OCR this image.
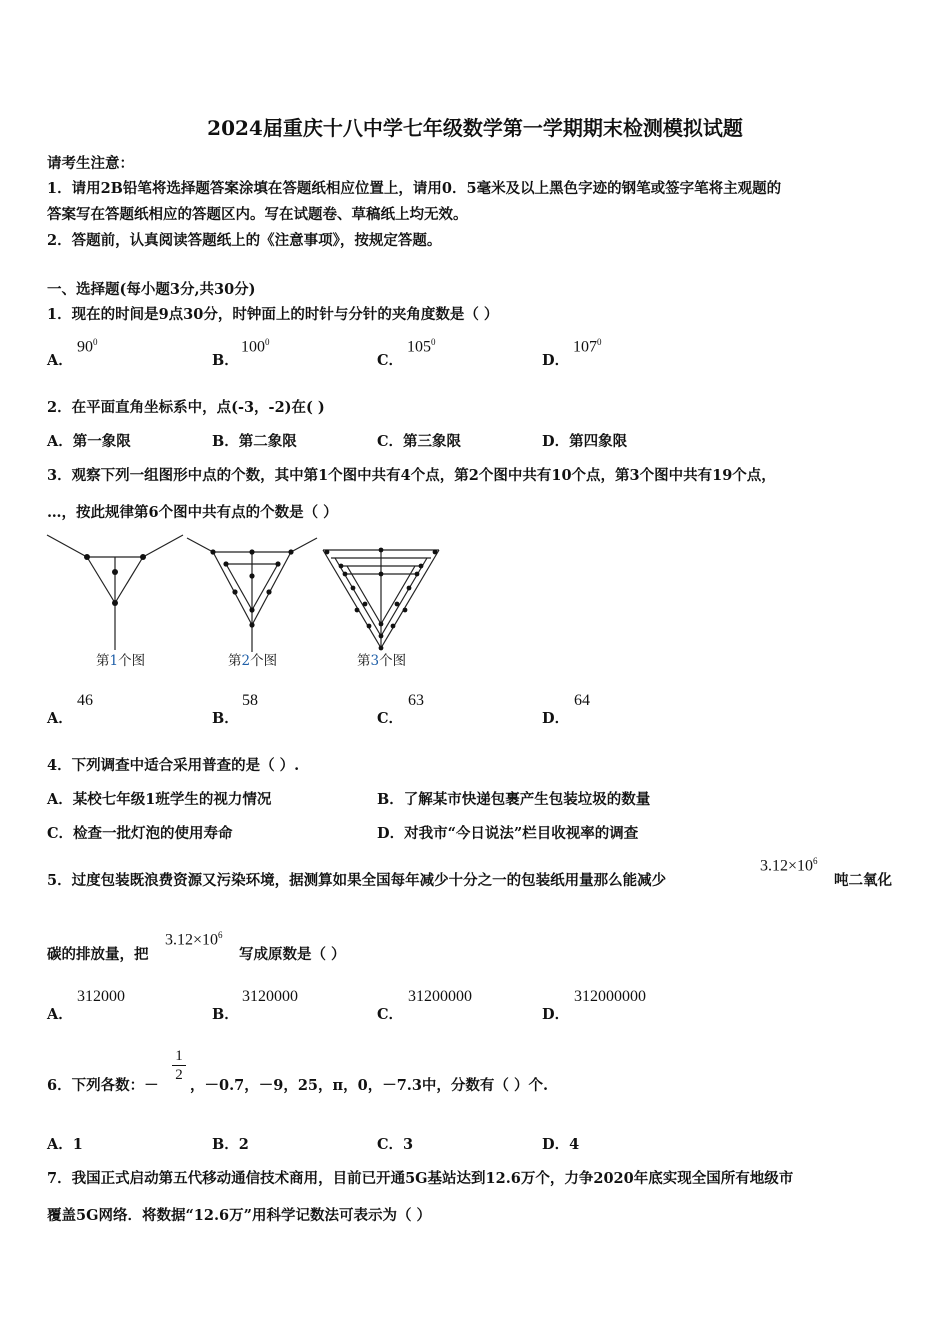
2024届重庆十八中学七年级数学第一学期期末检测模拟试题
请考生注意：
1．请用2B铅笔将选择题答案涂填在答题纸相应位置上，请用0．5毫米及以上黑色字迹的钢笔或签字笔将主观题的
答案写在答题纸相应的答题区内。写在试题卷、草稿纸上均无效。
2．答题前，认真阅读答题纸上的《注意事项》，按规定答题。
一、选择题(每小题3分,共30分)
1．现在的时间是9点30分，时钟面上的时针与分针的夹角度数是（ ）
A．
$90^0$
B．
$100^0$
C．
$105^0$
D．
$107^0$
2．在平面直角坐标系中，点(-3，-2)在( )
A．第一象限	B．第二象限	C．第三象限	D．第四象限
3．观察下列一组图形中点的个数，其中第1个图中共有4个点，第2个图中共有10个点，第3个图中共有19个点，
…，按此规律第6个图中共有点的个数是（ ）
第1个图	第2个图	第3个图
A．
46
B．
58
C．
63
D．
64
4．下列调查中适合采用普查的是（ ）.
A．某校七年级1班学生的视力情况	B．了解某市快递包裹产生包装垃圾的数量
C．检查一批灯泡的使用寿命	D．对我市“今日说法”栏目收视率的调查
5．过度包装既浪费资源又污染环境，据测算如果全国每年减少十分之一的包装纸用量那么能减少
$3.12\times 10^6$
吨二氧化
碳的排放量，把
$3.12\times 10^6$
写成原数是（ ）
A．
312000
B．
3120000
C．
31200000
D．
312000000
6．下列各数：－
$\frac{1}{2}$
，－0.7，－9，25，π，0，－7.3中，分数有（ ）个.
A．1	B．2	C．3	D．4
7．我国正式启动第五代移动通信技术商用，目前已开通5G基站达到12.6万个，力争2020年底实现全国所有地级市
覆盖5G网络．将数据“12.6万”用科学记数法可表示为（ ）
